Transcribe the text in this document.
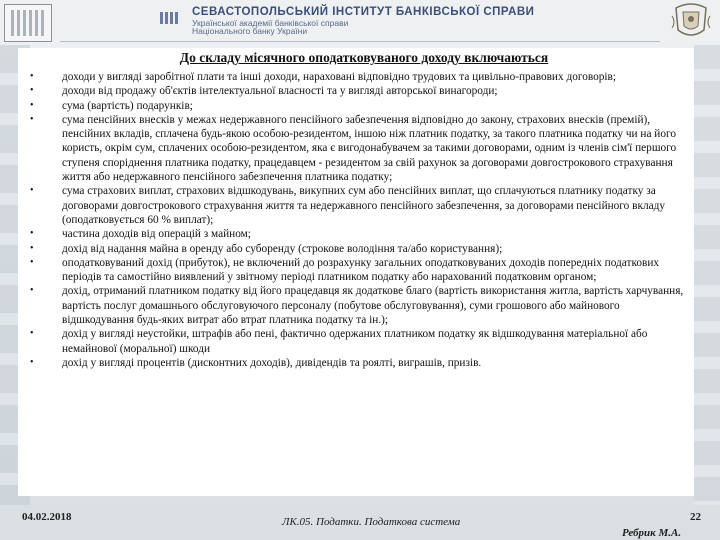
СЕВАСТОПОЛЬСЬКИЙ ІНСТИТУТ БАНКІВСЬКОЇ СПРАВИ
Української академії банківської справи
Національного банку України
До складу місячного оподатковуваного доходу включаються
•	доходи у вигляді заробітної плати та інші доходи, нараховані відповідно трудових та цивільно-правових договорів;
•	доходи від продажу об'єктів інтелектуальної власності та у вигляді авторської винагороди;
•	сума (вартість) подарунків;
•	сума пенсійних внесків у межах недержавного пенсійного забезпечення відповідно до закону, страхових внесків (премій), пенсійних вкладів, сплачена будь-якою особою-резидентом, іншою ніж платник податку, за такого платника податку чи на його користь, окрім сум, сплачених особою-резидентом, яка є вигодонабувачем за такими договорами, одним із членів сім'ї першого ступеня споріднення платника податку, працедавцем - резидентом за свій рахунок за договорами довгострокового страхування життя або недержавного пенсійного забезпечення платника податку;
•	сума страхових виплат, страхових відшкодувань, викупних сум або пенсійних виплат, що сплачуються платнику податку за договорами довгострокового страхування життя та недержавного пенсійного забезпечення, за договорами пенсійного вкладу (оподатковується 60 % виплат);
•	частина доходів від операцій з майном;
•	дохід від надання майна в оренду або суборенду (строкове володіння та/або користування);
•	оподатковуваний дохід (прибуток), не включений до розрахунку загальних оподатковуваних доходів попередніх податкових періодів та самостійно виявлений у звітному періоді платником податку або нарахований податковим органом;
•	дохід, отриманий платником податку від його працедавця як додаткове благо (вартість використання житла, вартість харчування, вартість послуг домашнього обслуговуючого персоналу (побутове обслуговування), суми грошового або майнового відшкодування будь-яких витрат або втрат платника податку та ін.);
•	дохід у вигляді неустойки, штрафів або пені, фактично одержаних платником податку як відшкодування матеріальної або немайнової (моральної) шкоди
•	дохід у вигляді процентів (дисконтних доходів), дивідендів та роялті, виграшів, призів.
04.02.2018	ЛК.05. Податки. Податкова система	22
Ребрик М.А.
